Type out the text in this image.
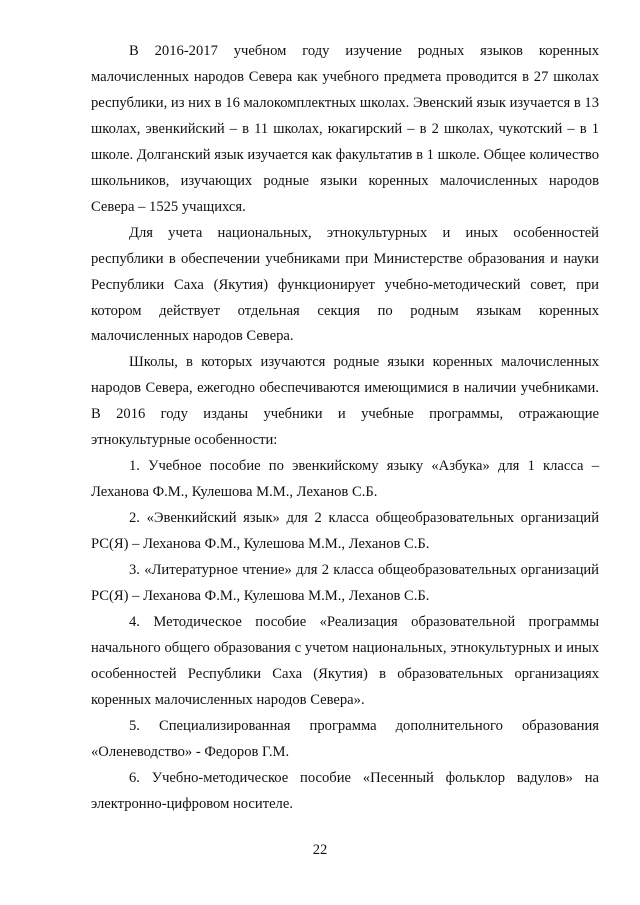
В 2016-2017 учебном году изучение родных языков коренных малочисленных народов Севера как учебного предмета проводится в 27 школах республики, из них в 16 малокомплектных школах. Эвенский язык изучается в 13 школах, эвенкийский – в 11 школах, юкагирский – в 2 школах, чукотский – в 1 школе. Долганский язык изучается как факультатив в 1 школе. Общее количество школьников, изучающих родные языки коренных малочисленных народов Севера – 1525 учащихся.

Для учета национальных, этнокультурных и иных особенностей республики в обеспечении учебниками при Министерстве образования и науки Республики Саха (Якутия) функционирует учебно-методический совет, при котором действует отдельная секция по родным языкам коренных малочисленных народов Севера.

Школы, в которых изучаются родные языки коренных малочисленных народов Севера, ежегодно обеспечиваются имеющимися в наличии учебниками. В 2016 году изданы учебники и учебные программы, отражающие этнокультурные особенности:

1. Учебное пособие по эвенкийскому языку «Азбука» для 1 класса – Леханова Ф.М., Кулешова М.М., Леханов С.Б.

2. «Эвенкийский язык» для 2 класса общеобразовательных организаций РС(Я) – Леханова Ф.М., Кулешова М.М., Леханов С.Б.

3. «Литературное чтение» для 2 класса общеобразовательных организаций РС(Я) – Леханова Ф.М., Кулешова М.М., Леханов С.Б.

4. Методическое пособие «Реализация образовательной программы начального общего образования с учетом национальных, этнокультурных и иных особенностей Республики Саха (Якутия) в образовательных организациях коренных малочисленных народов Севера».

5. Специализированная программа дополнительного образования «Оленеводство» - Федоров Г.М.

6. Учебно-методическое пособие «Песенный фольклор вадулов» на электронно-цифровом носителе.

22
